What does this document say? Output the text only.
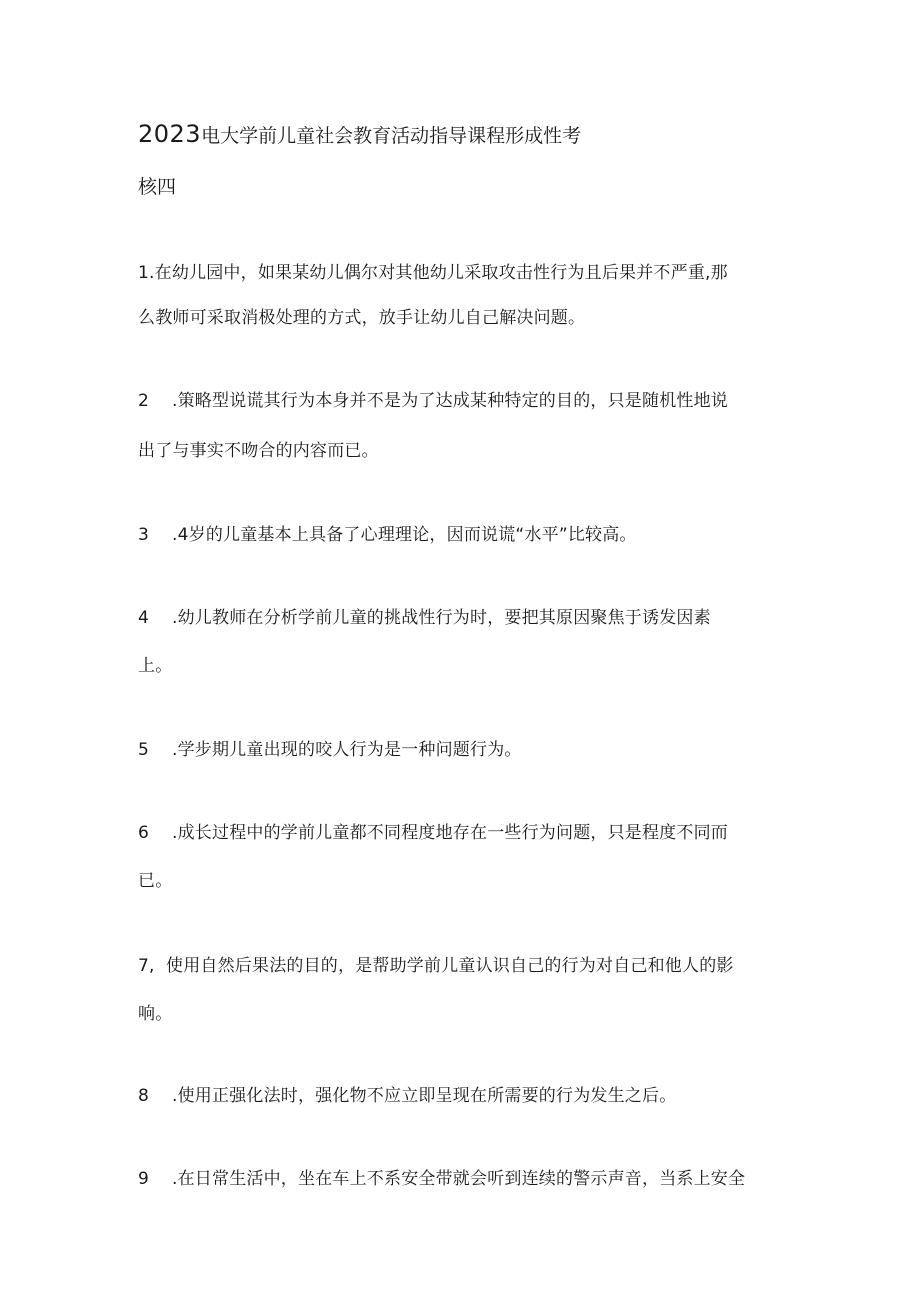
2023电大学前儿童社会教育活动指导课程形成性考
核四
1.在幼儿园中，如果某幼儿偶尔对其他幼儿采取攻击性行为且后果并不严重,那
么教师可采取消极处理的方式，放手让幼儿自己解决问题。
2 .策略型说谎其行为本身并不是为了达成某种特定的目的，只是随机性地说
出了与事实不吻合的内容而已。
3 .4岁的儿童基本上具备了心理理论，因而说谎“水平”比较高。
4 .幼儿教师在分析学前儿童的挑战性行为时，要把其原因聚焦于诱发因素
上。
5 .学步期儿童出现的咬人行为是一种问题行为。
6 .成长过程中的学前儿童都不同程度地存在一些行为问题，只是程度不同而
已。
7, 使用自然后果法的目的，是帮助学前儿童认识自己的行为对自己和他人的影
响。
8 .使用正强化法时，强化物不应立即呈现在所需要的行为发生之后。
9 .在日常生活中，坐在车上不系安全带就会听到连续的警示声音，当系上安全
